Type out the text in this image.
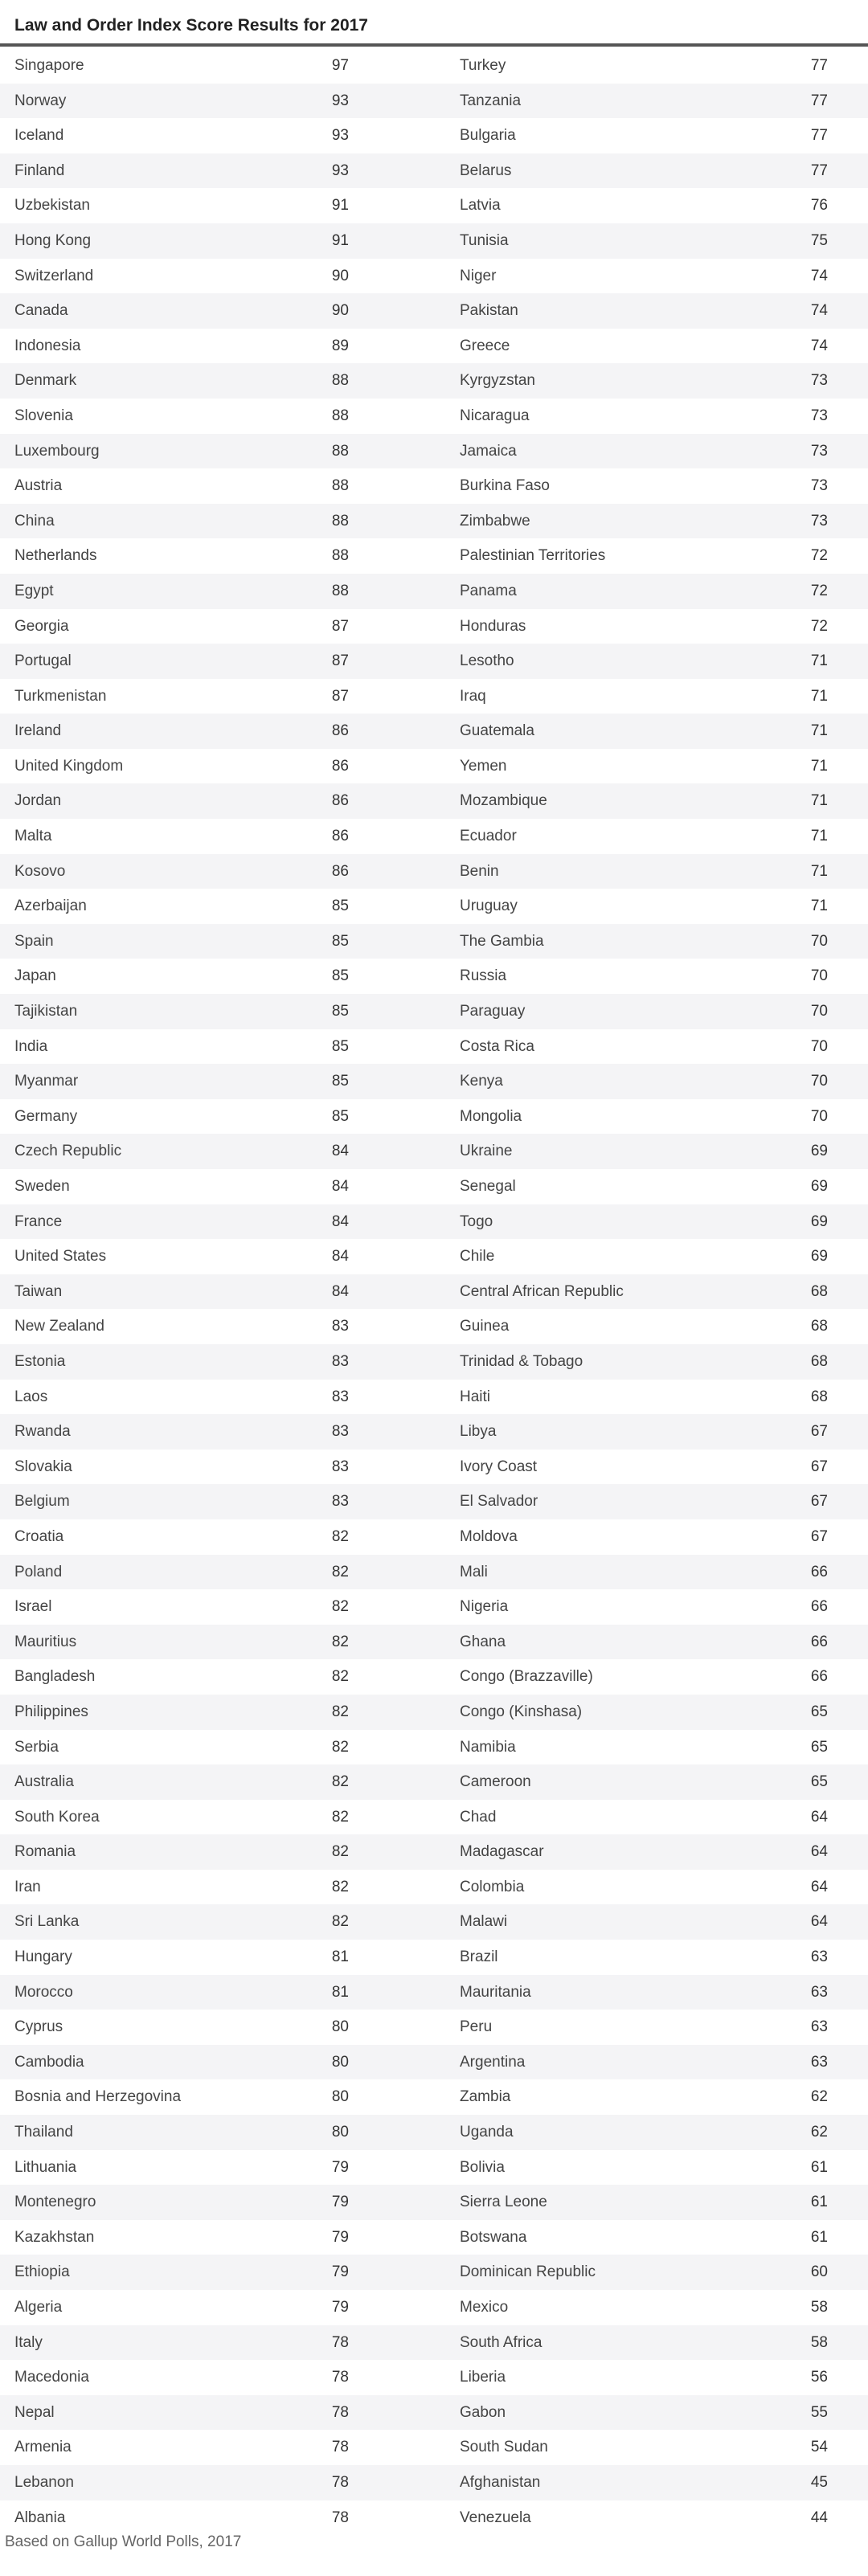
Law and Order Index Score Results for 2017
Singapore	97	Turkey	77
Norway	93	Tanzania	77
Iceland	93	Bulgaria	77
Finland	93	Belarus	77
Uzbekistan	91	Latvia	76
Hong Kong	91	Tunisia	75
Switzerland	90	Niger	74
Canada	90	Pakistan	74
Indonesia	89	Greece	74
Denmark	88	Kyrgyzstan	73
Slovenia	88	Nicaragua	73
Luxembourg	88	Jamaica	73
Austria	88	Burkina Faso	73
China	88	Zimbabwe	73
Netherlands	88	Palestinian Territories	72
Egypt	88	Panama	72
Georgia	87	Honduras	72
Portugal	87	Lesotho	71
Turkmenistan	87	Iraq	71
Ireland	86	Guatemala	71
United Kingdom	86	Yemen	71
Jordan	86	Mozambique	71
Malta	86	Ecuador	71
Kosovo	86	Benin	71
Azerbaijan	85	Uruguay	71
Spain	85	The Gambia	70
Japan	85	Russia	70
Tajikistan	85	Paraguay	70
India	85	Costa Rica	70
Myanmar	85	Kenya	70
Germany	85	Mongolia	70
Czech Republic	84	Ukraine	69
Sweden	84	Senegal	69
France	84	Togo	69
United States	84	Chile	69
Taiwan	84	Central African Republic	68
New Zealand	83	Guinea	68
Estonia	83	Trinidad & Tobago	68
Laos	83	Haiti	68
Rwanda	83	Libya	67
Slovakia	83	Ivory Coast	67
Belgium	83	El Salvador	67
Croatia	82	Moldova	67
Poland	82	Mali	66
Israel	82	Nigeria	66
Mauritius	82	Ghana	66
Bangladesh	82	Congo (Brazzaville)	66
Philippines	82	Congo (Kinshasa)	65
Serbia	82	Namibia	65
Australia	82	Cameroon	65
South Korea	82	Chad	64
Romania	82	Madagascar	64
Iran	82	Colombia	64
Sri Lanka	82	Malawi	64
Hungary	81	Brazil	63
Morocco	81	Mauritania	63
Cyprus	80	Peru	63
Cambodia	80	Argentina	63
Bosnia and Herzegovina	80	Zambia	62
Thailand	80	Uganda	62
Lithuania	79	Bolivia	61
Montenegro	79	Sierra Leone	61
Kazakhstan	79	Botswana	61
Ethiopia	79	Dominican Republic	60
Algeria	79	Mexico	58
Italy	78	South Africa	58
Macedonia	78	Liberia	56
Nepal	78	Gabon	55
Armenia	78	South Sudan	54
Lebanon	78	Afghanistan	45
Albania	78	Venezuela	44
Based on Gallup World Polls, 2017
